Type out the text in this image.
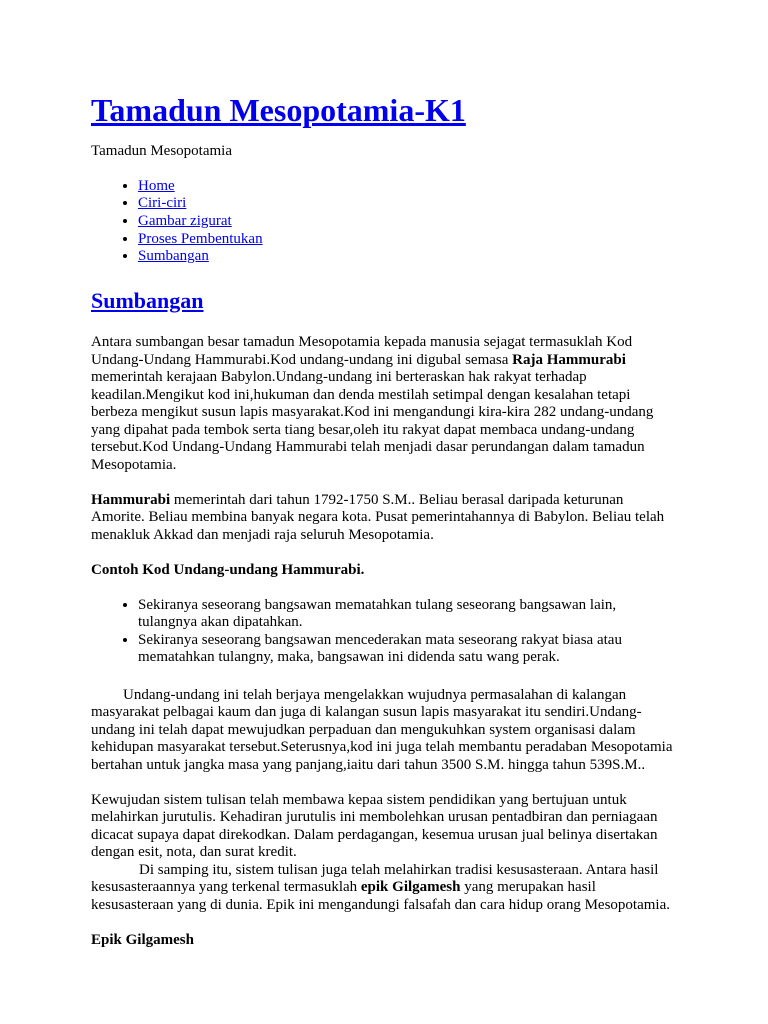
Tamadun Mesopotamia-K1

Tamadun Mesopotamia

• Home
• Ciri-ciri
• Gambar zigurat
• Proses Pembentukan
• Sumbangan
Sumbangan

Antara sumbangan besar tamadun Mesopotamia kepada manusia sejagat termasuklah Kod Undang-Undang Hammurabi.Kod undang-undang ini digubal semasa Raja Hammurabi memerintah kerajaan Babylon.Undang-undang ini berteraskan hak rakyat terhadap keadilan.Mengikut kod ini,hukuman dan denda mestilah setimpal dengan kesalahan tetapi berbeza mengikut susun lapis masyarakat.Kod ini mengandungi kira-kira 282 undang-undang yang dipahat pada tembok serta tiang besar,oleh itu rakyat dapat membaca undang-undang tersebut.Kod Undang-Undang Hammurabi telah menjadi dasar perundangan dalam tamadun Mesopotamia.

Hammurabi memerintah dari tahun 1792-1750 S.M.. Beliau berasal daripada keturunan Amorite. Beliau membina banyak negara kota. Pusat pemerintahannya di Babylon. Beliau telah menakluk Akkad dan menjadi raja seluruh Mesopotamia.

Contoh Kod Undang-undang Hammurabi.

• Sekiranya seseorang bangsawan mematahkan tulang seseorang bangsawan lain, tulangnya akan dipatahkan.
• Sekiranya seseorang bangsawan mencederakan mata seseorang rakyat biasa atau mematahkan tulangny, maka, bangsawan ini didenda satu wang perak.

Undang-undang ini telah berjaya mengelakkan wujudnya permasalahan di kalangan masyarakat pelbagai kaum dan juga di kalangan susun lapis masyarakat itu sendiri.Undang-undang ini telah dapat mewujudkan perpaduan dan mengukuhkan system organisasi dalam kehidupan masyarakat tersebut.Seterusnya,kod ini juga telah membantu peradaban Mesopotamia bertahan untuk jangka masa yang panjang,iaitu dari tahun 3500 S.M. hingga tahun 539S.M..

Kewujudan sistem tulisan telah membawa kepaa sistem pendidikan yang bertujuan untuk melahirkan jurutulis. Kehadiran jurutulis ini membolehkan urusan pentadbiran dan perniagaan dicacat supaya dapat direkodkan. Dalam perdagangan, kesemua urusan jual belinya disertakan dengan esit, nota, dan surat kredit.

Di samping itu, sistem tulisan juga telah melahirkan tradisi kesusasteraan. Antara hasil kesusasteraannya yang terkenal termasuklah epik Gilgamesh yang merupakan hasil kesusasteraan yang di dunia. Epik ini mengandungi falsafah dan cara hidup orang Mesopotamia.

Epik Gilgamesh
